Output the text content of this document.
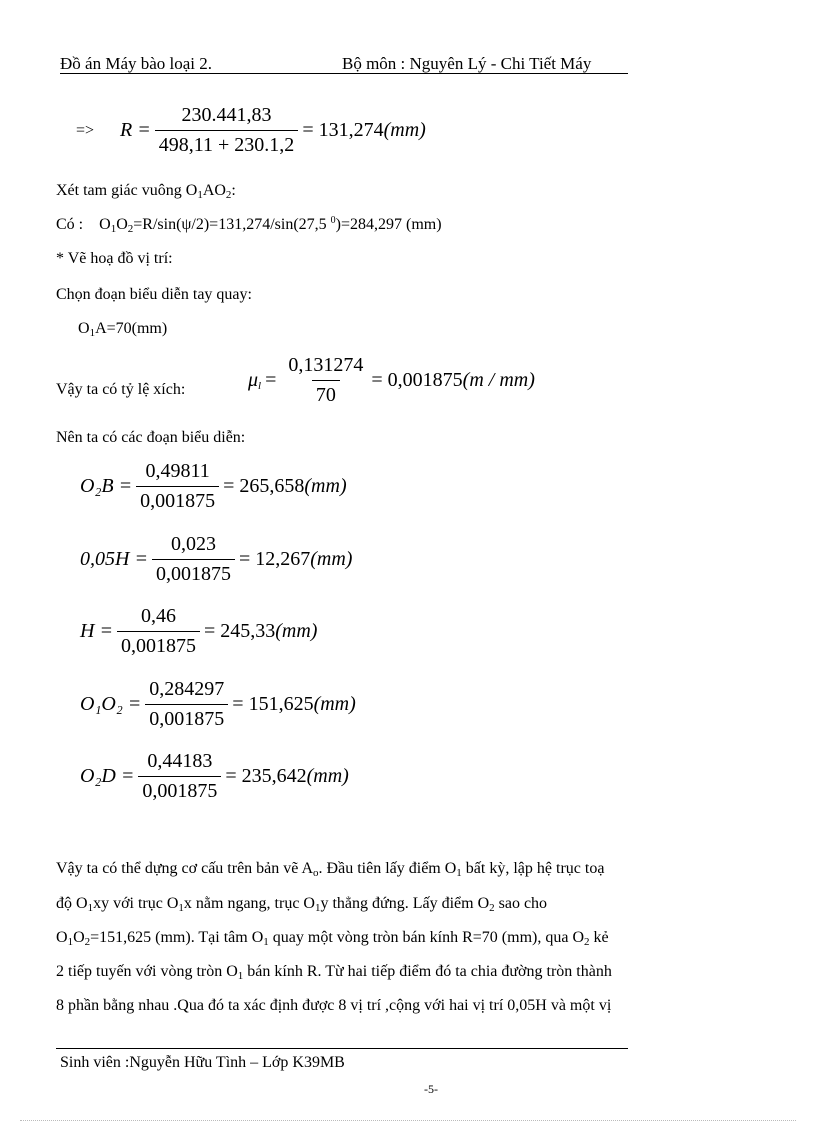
Đồ án Máy bào loại 2.	Bộ môn : Nguyên Lý - Chi Tiết Máy
=> $R = \frac{230.441,83}{498,11 + 230.1,2} = 131,274$ (mm)
Xét tam giác vuông $O_1AO_2$:
Có :    $O_1O_2=R/\sin(\psi/2)=131,274/\sin(27,5$ $^0$)=284,297 (mm)
* Vẽ hoạ đồ vị trí:
Chọn đoạn biểu diễn tay quay:
$O_1A=70(mm)$
Vậy ta có tỷ lệ xích:	$\mu_l = \frac{0,131274}{70} = 0,001875$ (m / mm)
Nên ta có các đoạn biểu diễn:
$O_2B = \frac{0,49811}{0,001875} = 265,658$ (mm)
$0,05H = \frac{0,023}{0,001875} = 12,267$ (mm)
$H = \frac{0,46}{0,001875} = 245,33$ (mm)
$O_1O_2 = \frac{0,284297}{0,001875} = 151,625$ (mm)
$O_2D = \frac{0,44183}{0,001875} = 235,642$ (mm)
Vậy ta có thể dựng cơ cấu trên bản vẽ $A_o$. Đầu tiên lấy điểm $O_1$ bất kỳ, lập hệ trục toạ
độ $O_1xy$ với trục $O_1x$ nằm ngang, trục $O_1y$ thẳng đứng. Lấy điểm $O_2$ sao cho
$O_1O_2=151,625$ (mm). Tại tâm $O_1$ quay một vòng tròn bán kính R=70 (mm), qua $O_2$ kẻ
2 tiếp tuyến với vòng tròn $O_1$ bán kính R. Từ hai tiếp điểm đó ta chia đường tròn thành
8 phần bằng nhau .Qua đó ta xác định được 8 vị trí ,cộng với hai vị trí 0,05H và một vị
Sinh viên :Nguyễn Hữu Tình – Lớp K39MB
-5-
